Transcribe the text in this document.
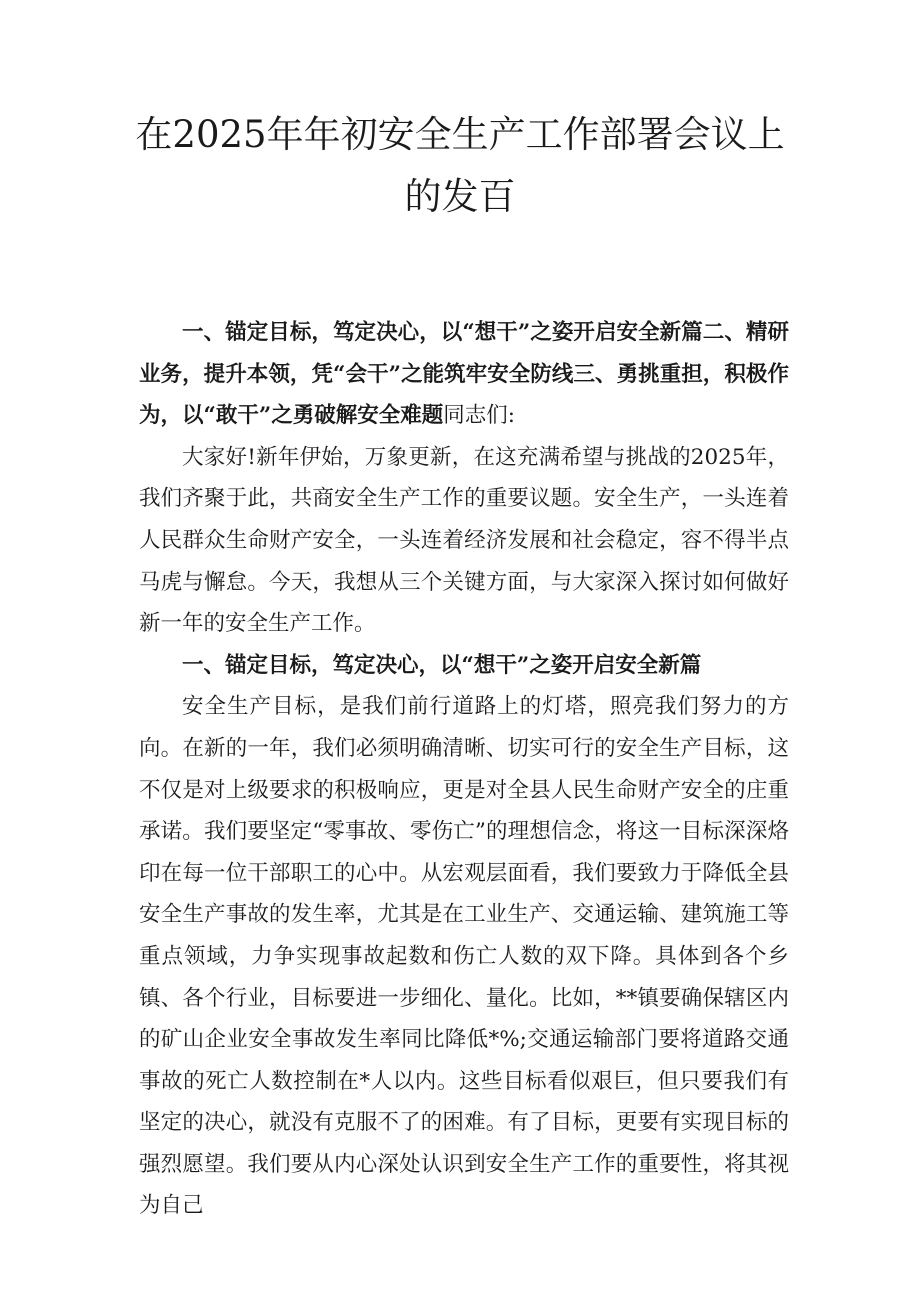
在2025年年初安全生产工作部署会议上的发百

一、锚定目标，笃定决心，以“想干”之姿开启安全新篇二、精研业务，提升本领，凭“会干”之能筑牢安全防线三、勇挑重担，积极作为，以“敢干”之勇破解安全难题同志们:

大家好!新年伊始，万象更新，在这充满希望与挑战的2025年，我们齐聚于此，共商安全生产工作的重要议题。安全生产，一头连着人民群众生命财产安全，一头连着经济发展和社会稳定，容不得半点马虎与懈怠。今天，我想从三个关键方面，与大家深入探讨如何做好新一年的安全生产工作。

一、锚定目标，笃定决心，以“想干”之姿开启安全新篇

安全生产目标，是我们前行道路上的灯塔，照亮我们努力的方向。在新的一年，我们必须明确清晰、切实可行的安全生产目标，这不仅是对上级要求的积极响应，更是对全县人民生命财产安全的庄重承诺。我们要坚定“零事故、零伤亡”的理想信念，将这一目标深深烙印在每一位干部职工的心中。从宏观层面看，我们要致力于降低全县安全生产事故的发生率，尤其是在工业生产、交通运输、建筑施工等重点领域，力争实现事故起数和伤亡人数的双下降。具体到各个乡镇、各个行业，目标要进一步细化、量化。比如，**镇要确保辖区内的矿山企业安全事故发生率同比降低*%;交通运输部门要将道路交通事故的死亡人数控制在*人以内。这些目标看似艰巨，但只要我们有坚定的决心，就没有克服不了的困难。有了目标，更要有实现目标的强烈愿望。我们要从内心深处认识到安全生产工作的重要性，将其视为自己
